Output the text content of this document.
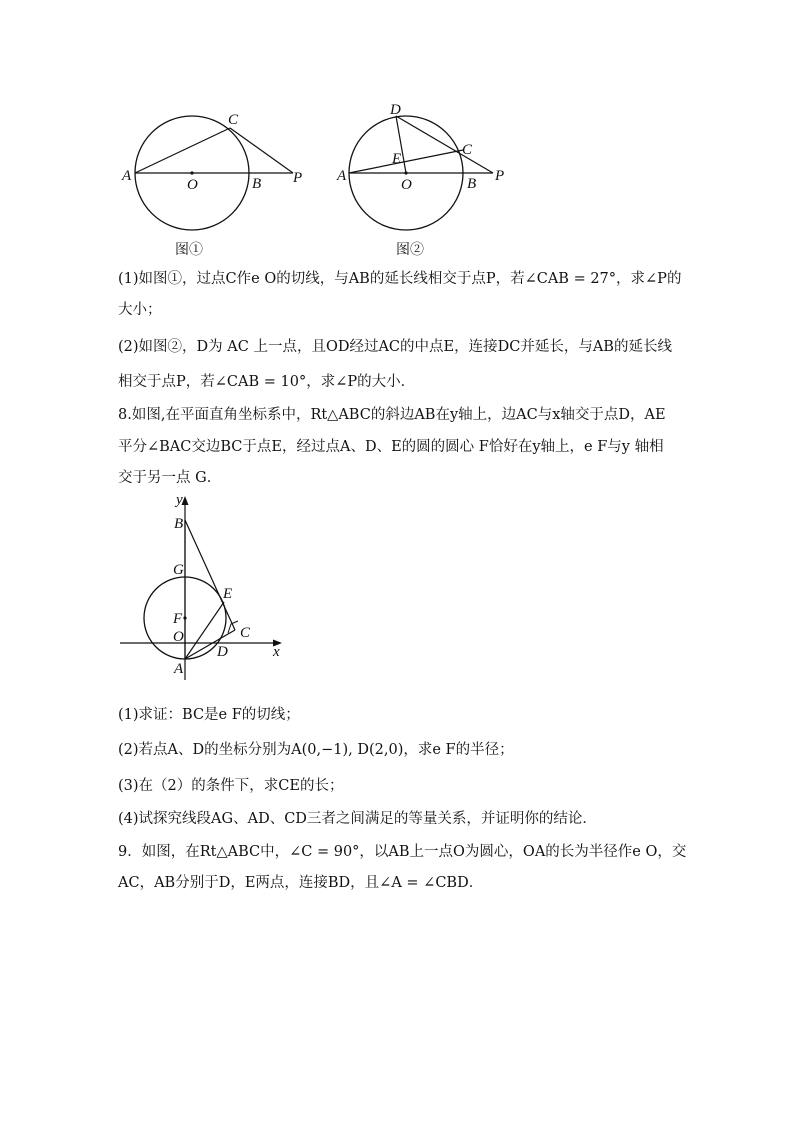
A
O	B P
C
图①
A
O	B P
C
D
E
图②
(1)如图①，过点C作e O的切线，与AB的延长线相交于点P，若∠CAB = 27°，求∠P的
大小；
(2)如图②，D为 AC 上一点，且OD经过AC的中点E，连接DC并延长，与AB的延长线
相交于点P，若∠CAB = 10°，求∠P的大小．
8.如图,在平面直角坐标系中，Rt△ABC的斜边AB在y轴上，边AC与x轴交于点D，AE
平分∠BAC交边BC于点E，经过点A、D、E的圆的圆心 F恰好在y轴上，e F与y 轴相
交于另一点 G．
y
x
B
G
F
O
A
E
C
D
(1)求证：BC是e F的切线；
(2)若点A、D的坐标分别为A(0,−1), D(2,0)，求e F的半径；
(3)在（2）的条件下，求CE的长；
(4)试探究线段AG、AD、CD三者之间满足的等量关系，并证明你的结论．
9．如图，在Rt△ABC中，∠C = 90°，以AB上一点O为圆心，OA的长为半径作e O，交
AC，AB分别于D，E两点，连接BD，且∠A = ∠CBD．
